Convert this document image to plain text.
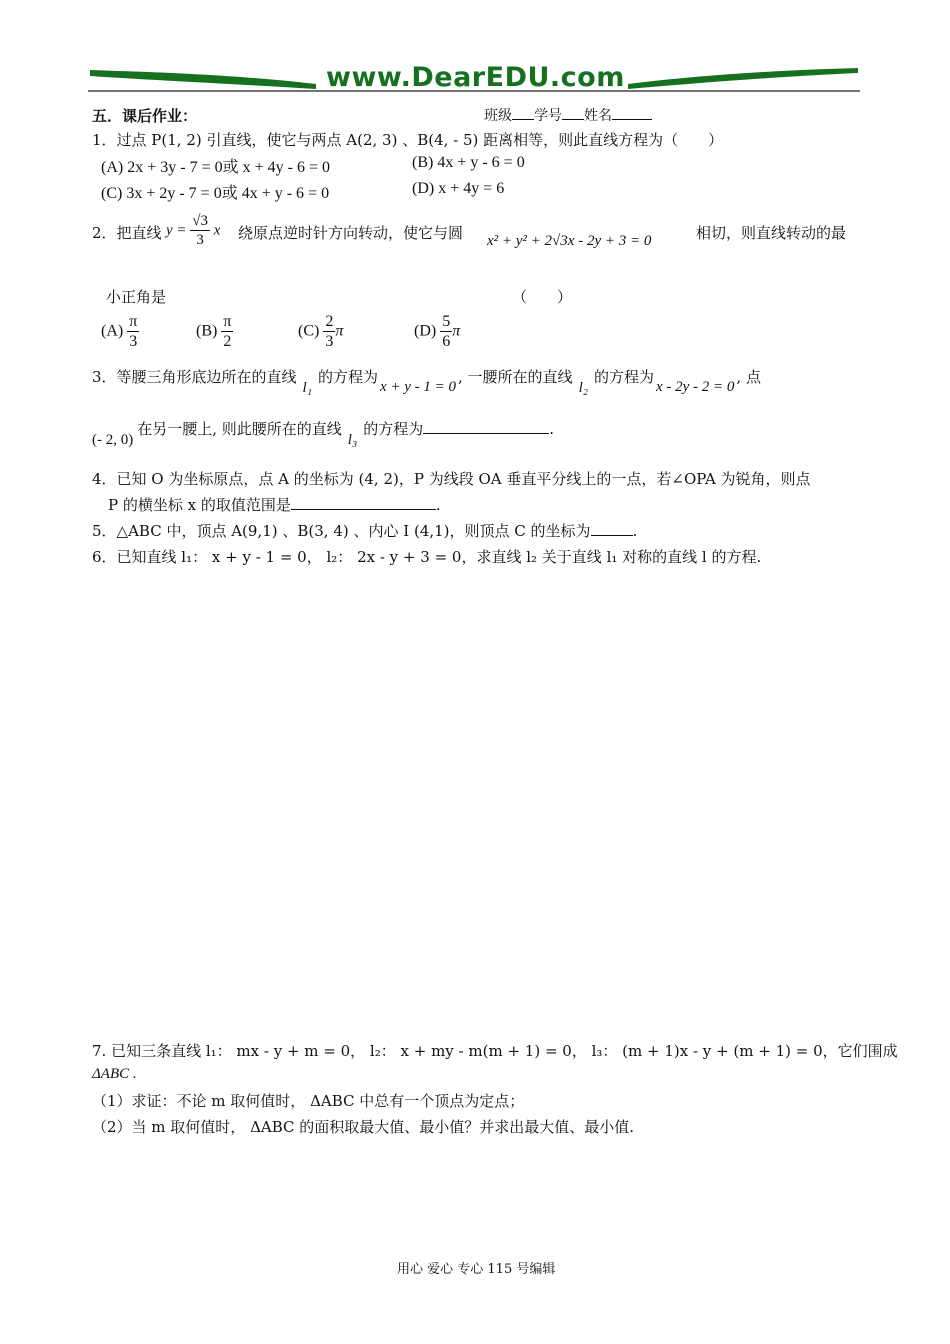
www.DearEDU.com
五．课后作业：	班级 学号 姓名
1．过点 P(1, 2) 引直线，使它与两点 A(2, 3) 、B(4, - 5) 距离相等，则此直线方程为（　　）
(A) 2x + 3y - 7 = 0或 x + 4y - 6 = 0	(B) 4x + y - 6 = 0
(C) 3x + 2y - 7 = 0或 4x + y - 6 = 0	(D) x + 4y = 6
2．把直线 $y = \frac{√3}{3}$ x 绕原点逆时针方向转动，使它与圆 x² + y² + 2√3x - 2y + 3 = 0	相切，则直线转动的最
小正角是	（　　）
$(A) \frac{\pi}{3}$	$(B) \frac{\pi}{2}$	$(C) \frac{2}{3}$ π	$(D) \frac{5}{6}$ π
3．等腰三角形底边所在的直线l₁的方程为x + y - 1 = 0, 一腰所在的直线l₂的方程为x - 2y - 2 = 0, 点
(- 2, 0)在另一腰上, 则此腰所在的直线l₃的方程为	.
4．已知 O 为坐标原点，点 A 的坐标为 (4, 2)，P 为线段 OA 垂直平分线上的一点，若∠OPA 为锐角，则点
P 的横坐标 x 的取值范围是	.
5．△ABC 中，顶点 A(9,1) 、B(3, 4) 、内心 I (4,1)，则顶点 C 的坐标为	.
6．已知直线 l₁： x + y - 1 = 0， l₂： 2x - y + 3 = 0，求直线 l₂ 关于直线 l₁ 对称的直线 l 的方程.
7. 已知三条直线 l₁： mx - y + m = 0， l₂： x + my - m(m + 1) = 0， l₃： (m + 1)x - y + (m + 1) = 0，它们围成
ΔABC .
（1）求证：不论 m 取何值时， ΔABC 中总有一个顶点为定点；
（2）当 m 取何值时， ΔABC 的面积取最大值、最小值？并求出最大值、最小值.
用心 爱心 专心 115 号编辑
